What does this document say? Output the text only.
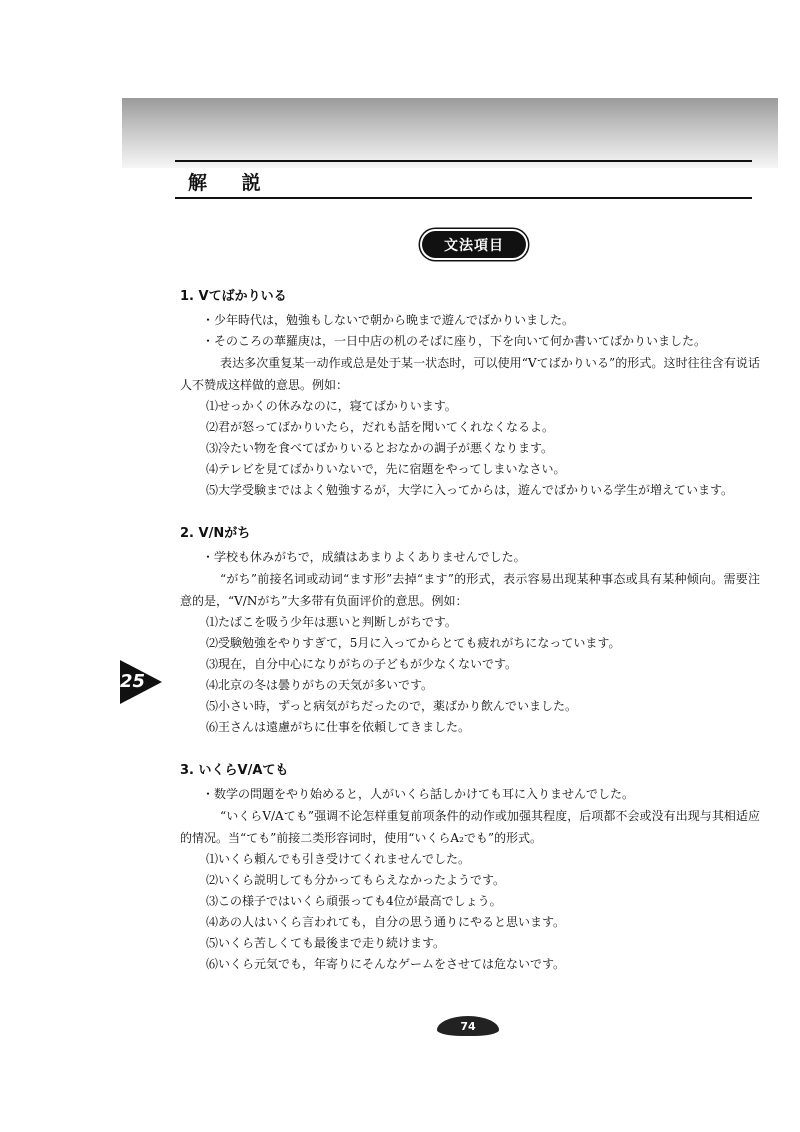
解 説
文法項目
1. Vてばかりいる
・少年時代は，勉強もしないで朝から晩まで遊んでばかりいました。
・そのころの華羅庚は，一日中店の机のそばに座り，下を向いて何か書いてばかりいました。
表达多次重复某一动作或总是处于某一状态时，可以使用“Vてばかりいる”的形式。这时往往含有说话人不赞成这样做的意思。例如：
⑴せっかくの休みなのに，寝てばかりいます。
⑵君が怒ってばかりいたら，だれも話を聞いてくれなくなるよ。
⑶冷たい物を食べてばかりいるとおなかの調子が悪くなります。
⑷テレビを見てばかりいないで，先に宿題をやってしまいなさい。
⑸大学受験まではよく勉強するが，大学に入ってからは，遊んでばかりいる学生が増えています。
2. V/Nがち
・学校も休みがちで，成績はあまりよくありませんでした。
“がち”前接名词或动词“ます形”去掉“ます”的形式，表示容易出现某种事态或具有某种倾向。需要注意的是，“V/Nがち”大多带有负面评价的意思。例如：
⑴たばこを吸う少年は悪いと判断しがちです。
⑵受験勉強をやりすぎて，5月に入ってからとても疲れがちになっています。
⑶現在，自分中心になりがちの子どもが少なくないです。
⑷北京の冬は曇りがちの天気が多いです。
⑸小さい時，ずっと病気がちだったので，薬ばかり飲んでいました。
⑹王さんは遠慮がちに仕事を依頼してきました。
3. いくらV/Aても
・数学の問題をやり始めると，人がいくら話しかけても耳に入りませんでした。
“いくらV/Aても”强调不论怎样重复前项条件的动作或加强其程度，后项都不会或没有出现与其相适应的情况。当“ても”前接二类形容词时，使用“いくらA₂でも”的形式。
⑴いくら頼んでも引き受けてくれませんでした。
⑵いくら説明しても分かってもらえなかったようです。
⑶この様子ではいくら頑張っても4位が最高でしょう。
⑷あの人はいくら言われても，自分の思う通りにやると思います。
⑸いくら苦しくても最後まで走り続けます。
⑹いくら元気でも，年寄りにそんなゲームをさせては危ないです。
25
74
